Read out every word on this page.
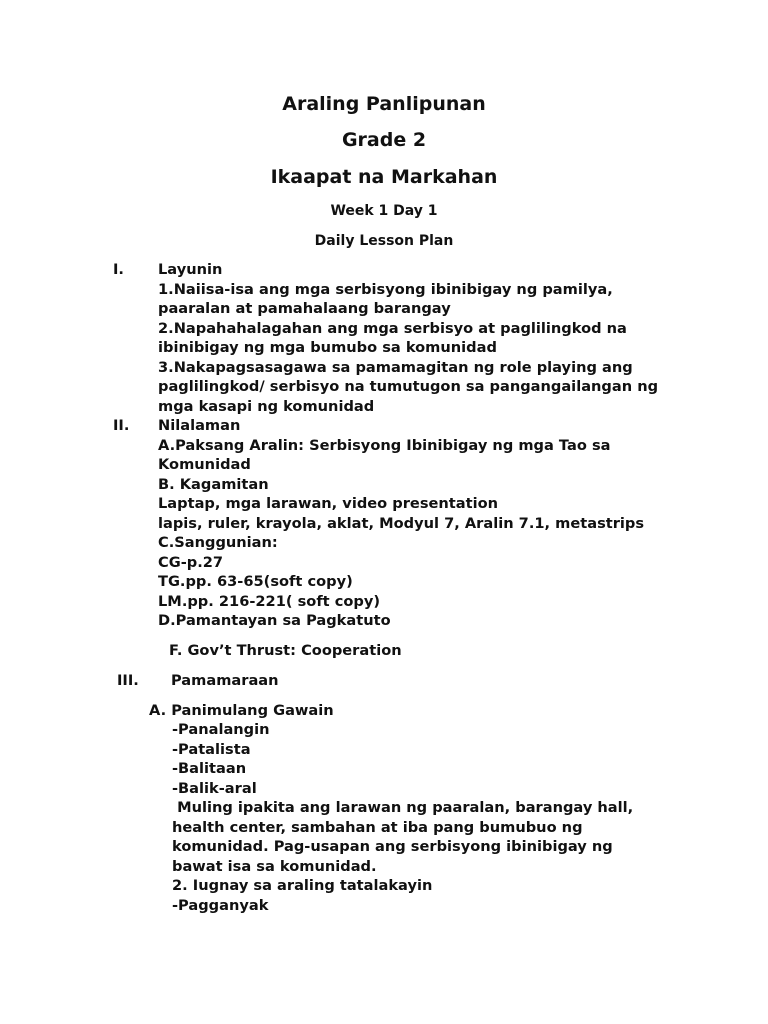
Araling Panlipunan
Grade 2
Ikaapat na Markahan
Week 1 Day 1
Daily Lesson Plan
I. Layunin
1.Naiisa-isa ang mga serbisyong ibinibigay ng pamilya,
paaralan at pamahalaang barangay
2.Napahahalagahan ang mga serbisyo at paglilingkod na
ibinibigay ng mga bumubo sa komunidad
3.Nakapagsasagawa sa pamamagitan ng role playing ang
paglilingkod/ serbisyo na tumutugon sa pangangailangan ng
mga kasapi ng komunidad
II. Nilalaman
A.Paksang Aralin: Serbisyong Ibinibigay ng mga Tao sa
Komunidad
B. Kagamitan
Laptap, mga larawan, video presentation
lapis, ruler, krayola, aklat, Modyul 7, Aralin 7.1, metastrips
C.Sanggunian:
CG-p.27
TG.pp. 63-65(soft copy)
LM.pp. 216-221( soft copy)
D.Pamantayan sa Pagkatuto
F. Gov’t Thrust: Cooperation
III. Pamamaraan
A. Panimulang Gawain
-Panalangin
-Patalista
-Balitaan
-Balik-aral
Muling ipakita ang larawan ng paaralan, barangay hall,
health center, sambahan at iba pang bumubuo ng
komunidad. Pag-usapan ang serbisyong ibinibigay ng
bawat isa sa komunidad.
2. Iugnay sa araling tatalakayin
-Pagganyak
